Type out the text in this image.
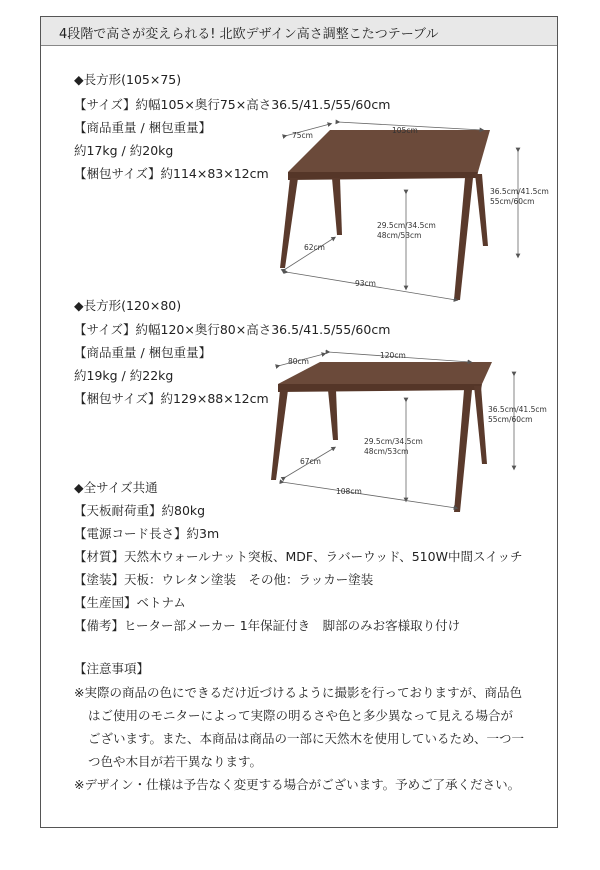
4段階で高さが変えられる! 北欧デザイン高さ調整こたつテーブル
◆長方形(105×75)
【サイズ】約幅105×奥行75×高さ36.5/41.5/55/60cm
【商品重量 / 梱包重量】
約17kg / 約20kg
【梱包サイズ】約114×83×12cm
75cm
105cm
36.5cm/41.5cm
55cm/60cm
29.5cm/34.5cm
48cm/53cm
62cm
93cm
◆長方形(120×80)
【サイズ】約幅120×奥行80×高さ36.5/41.5/55/60cm
【商品重量 / 梱包重量】
約19kg / 約22kg
【梱包サイズ】約129×88×12cm
80cm
120cm
36.5cm/41.5cm
55cm/60cm
29.5cm/34.5cm
48cm/53cm
67cm
108cm
◆全サイズ共通
【天板耐荷重】約80kg
【電源コード長さ】約3m
【材質】天然木ウォールナット突板、MDF、ラバーウッド、510W中間スイッチ
【塗装】天板：ウレタン塗装　その他：ラッカー塗装
【生産国】ベトナム
【備考】ヒーター部メーカー 1年保証付き　脚部のみお客様取り付け
【注意事項】
※実際の商品の色にできるだけ近づけるように撮影を行っておりますが、商品色
はご使用のモニターによって実際の明るさや色と多少異なって見える場合が
ございます。また、本商品は商品の一部に天然木を使用しているため、一つ一
つ色や木目が若干異なります。
※デザイン・仕様は予告なく変更する場合がございます。予めご了承ください。
